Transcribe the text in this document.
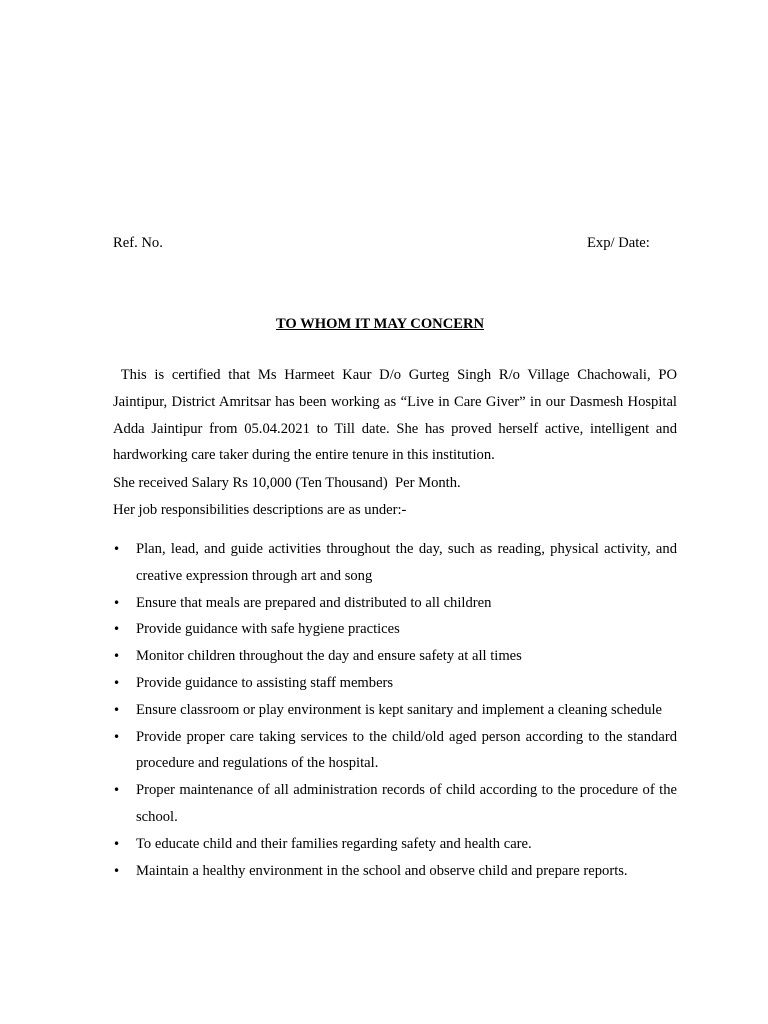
Ref. No.	Exp/ Date:
TO WHOM IT MAY CONCERN

This is certified that Ms Harmeet Kaur D/o Gurteg Singh R/o Village Chachowali, PO Jaintipur, District Amritsar has been working as “Live in Care Giver” in our Dasmesh Hospital Adda Jaintipur from 05.04.2021 to Till date. She has proved herself active, intelligent and hardworking care taker during the entire tenure in this institution.

She received Salary Rs 10,000 (Ten Thousand)  Per Month.

Her job responsibilities descriptions are as under:-

• Plan, lead, and guide activities throughout the day, such as reading, physical activity, and creative expression through art and song
• Ensure that meals are prepared and distributed to all children
• Provide guidance with safe hygiene practices
• Monitor children throughout the day and ensure safety at all times
• Provide guidance to assisting staff members
• Ensure classroom or play environment is kept sanitary and implement a cleaning schedule
• Provide proper care taking services to the child/old aged person according to the standard procedure and regulations of the hospital.
• Proper maintenance of all administration records of child according to the procedure of the school.
• To educate child and their families regarding safety and health care.
• Maintain a healthy environment in the school and observe child and prepare reports.
